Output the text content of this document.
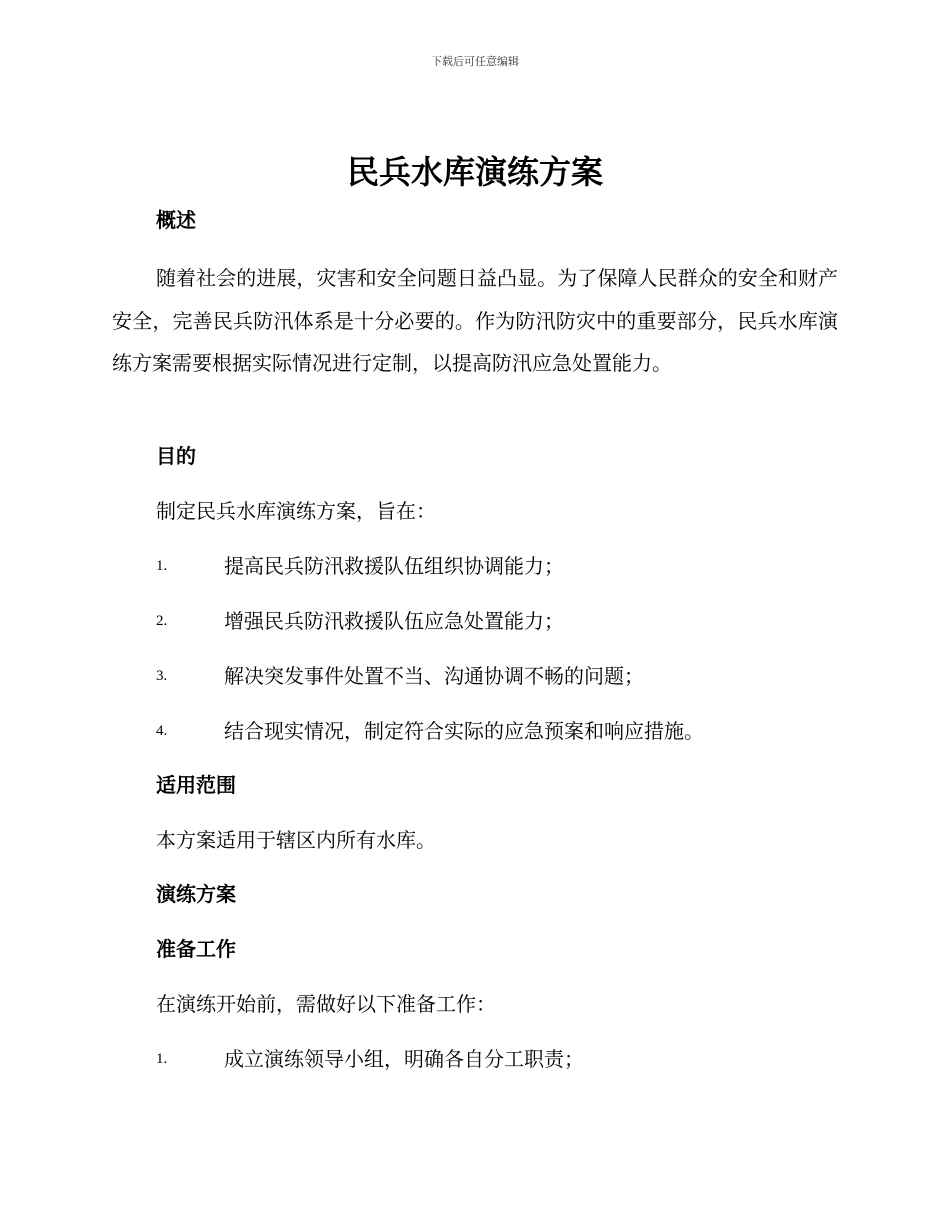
下载后可任意编辑
民兵水库演练方案
概述

随着社会的进展，灾害和安全问题日益凸显。为了保障人民群众的安全和财产安全，完善民兵防汛体系是十分必要的。作为防汛防灾中的重要部分，民兵水库演练方案需要根据实际情况进行定制，以提高防汛应急处置能力。

目的

制定民兵水库演练方案，旨在：

1.	提高民兵防汛救援队伍组织协调能力；
2.	增强民兵防汛救援队伍应急处置能力；
3.	解决突发事件处置不当、沟通协调不畅的问题；
4.	结合现实情况，制定符合实际的应急预案和响应措施。
适用范围

本方案适用于辖区内所有水库。

演练方案
准备工作

在演练开始前，需做好以下准备工作：

1.	成立演练领导小组，明确各自分工职责；
